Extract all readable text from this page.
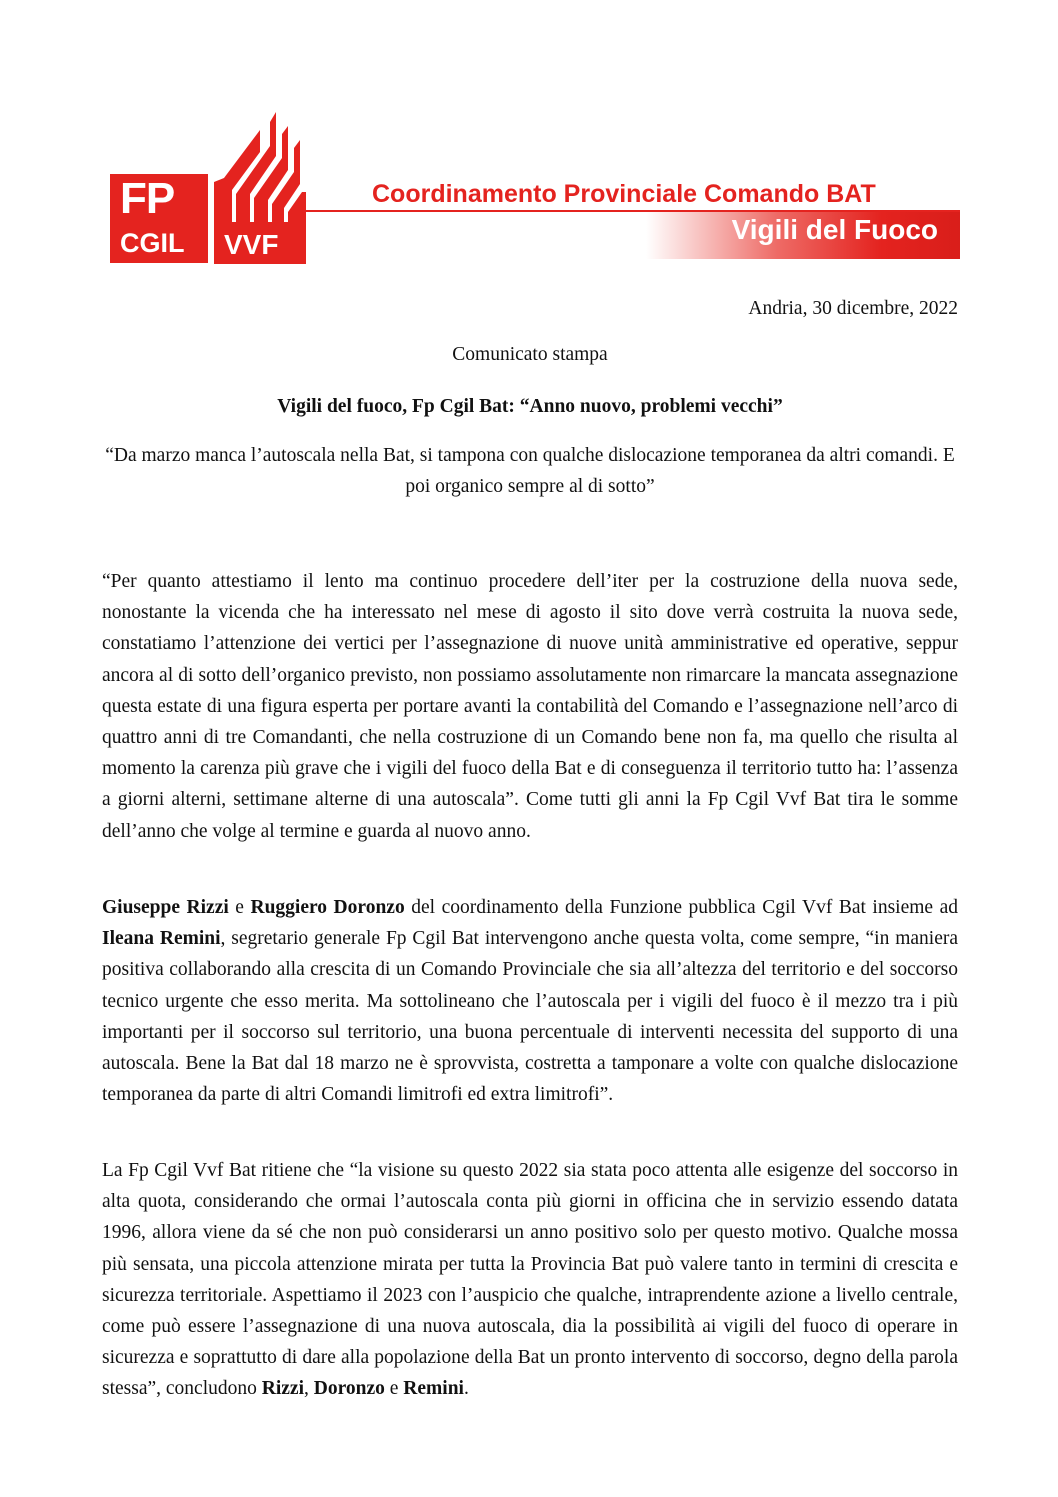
FP
CGIL VVF
Coordinamento Provinciale Comando BAT
Vigili del Fuoco
Andria, 30 dicembre, 2022
Comunicato stampa
Vigili del fuoco, Fp Cgil Bat: “Anno nuovo, problemi vecchi”
“Da marzo manca l’autoscala nella Bat, si tampona con qualche dislocazione temporanea da altri comandi. E poi organico sempre al di sotto”

“Per quanto attestiamo il lento ma continuo procedere dell’iter per la costruzione della nuova sede, nonostante la vicenda che ha interessato nel mese di agosto il sito dove verrà costruita la nuova sede, constatiamo l’attenzione dei vertici per l’assegnazione di nuove unità amministrative ed operative, seppur ancora al di sotto dell’organico previsto, non possiamo assolutamente non rimarcare la mancata assegnazione questa estate di una figura esperta per portare avanti la contabilità del Comando e l’assegnazione nell’arco di quattro anni di tre Comandanti, che nella costruzione di un Comando bene non fa, ma quello che risulta al momento la carenza più grave che i vigili del fuoco della Bat e di conseguenza il territorio tutto ha: l’assenza a giorni alterni, settimane alterne di una autoscala”. Come tutti gli anni la Fp Cgil Vvf Bat tira le somme dell’anno che volge al termine e guarda al nuovo anno.

Giuseppe Rizzi e Ruggiero Doronzo del coordinamento della Funzione pubblica Cgil Vvf Bat insieme ad Ileana Remini, segretario generale Fp Cgil Bat intervengono anche questa volta, come sempre, “in maniera positiva collaborando alla crescita di un Comando Provinciale che sia all’altezza del territorio e del soccorso tecnico urgente che esso merita. Ma sottolineano che l’autoscala per i vigili del fuoco è il mezzo tra i più importanti per il soccorso sul territorio, una buona percentuale di interventi necessita del supporto di una autoscala. Bene la Bat dal 18 marzo ne è sprovvista, costretta a tamponare a volte con qualche dislocazione temporanea da parte di altri Comandi limitrofi ed extra limitrofi”.

La Fp Cgil Vvf Bat ritiene che “la visione su questo 2022 sia stata poco attenta alle esigenze del soccorso in alta quota, considerando che ormai l’autoscala conta più giorni in officina che in servizio essendo datata 1996, allora viene da sé che non può considerarsi un anno positivo solo per questo motivo. Qualche mossa più sensata, una piccola attenzione mirata per tutta la Provincia Bat può valere tanto in termini di crescita e sicurezza territoriale. Aspettiamo il 2023 con l’auspicio che qualche, intraprendente azione a livello centrale, come può essere l’assegnazione di una nuova autoscala, dia la possibilità ai vigili del fuoco di operare in sicurezza e soprattutto di dare alla popolazione della Bat un pronto intervento di soccorso, degno della parola stessa”, concludono Rizzi, Doronzo e Remini.
